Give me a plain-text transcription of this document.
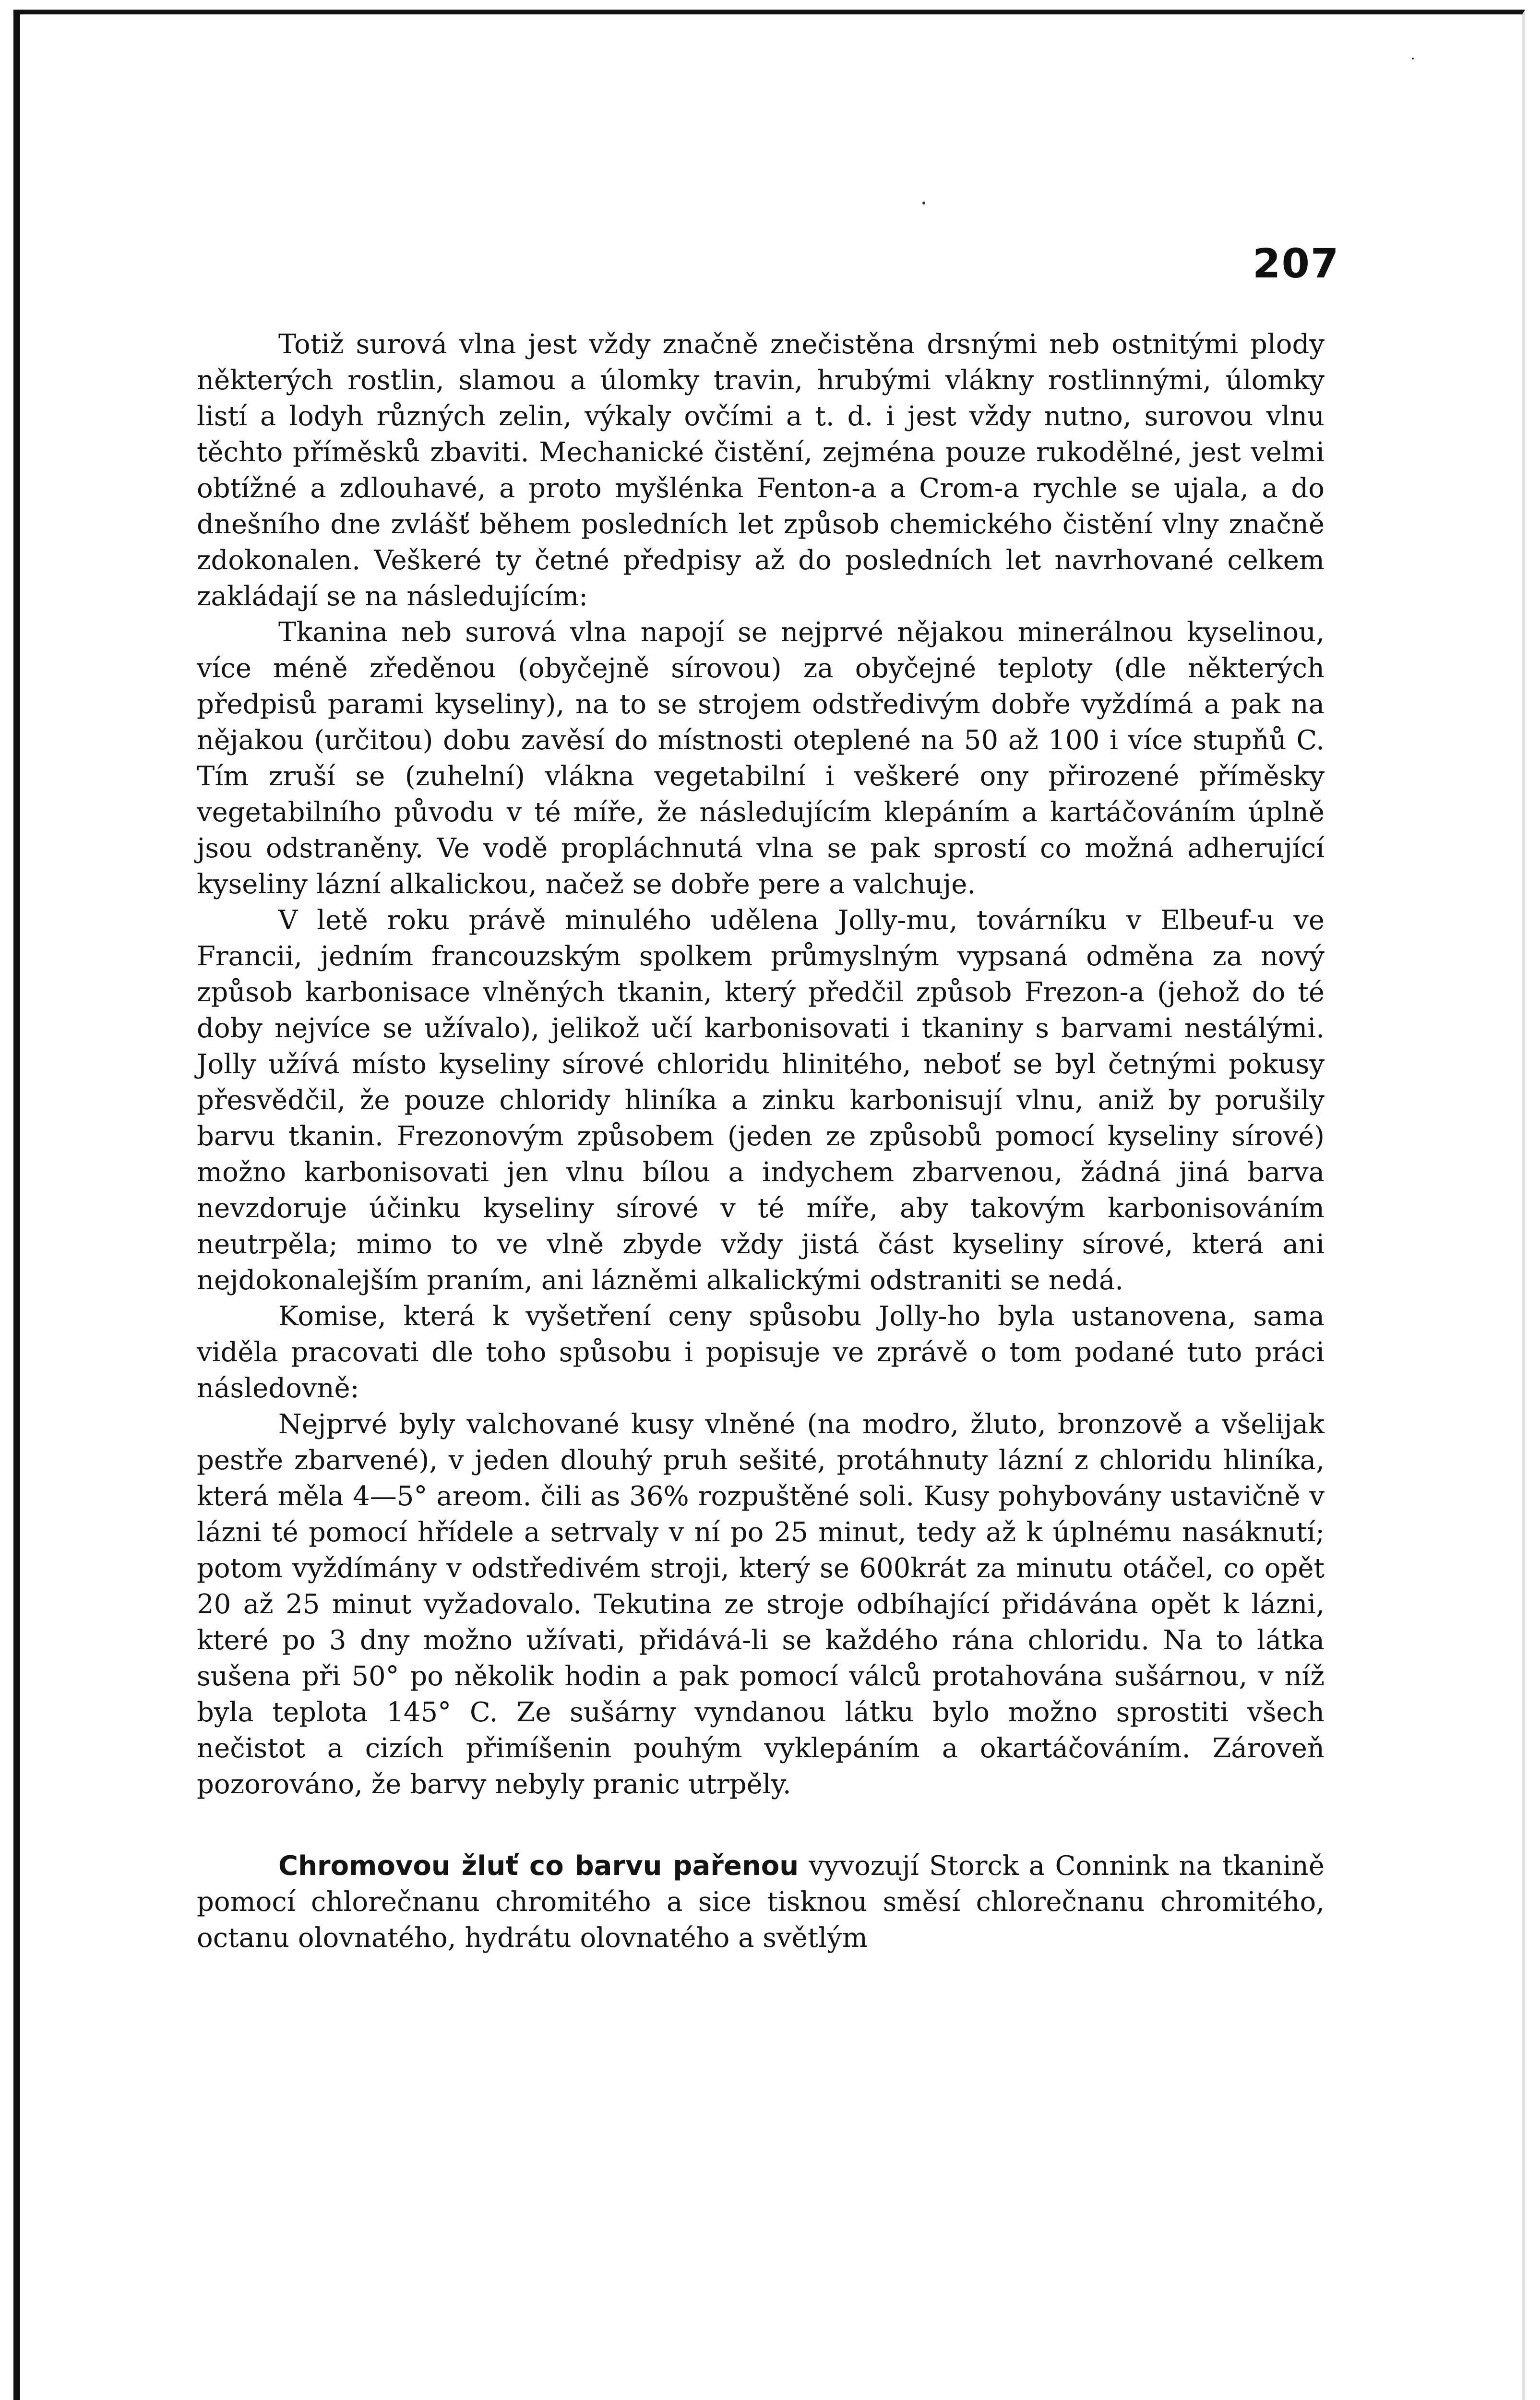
207

Totiž surová vlna jest vždy značně znečistěna drsnými neb ostnitými plody některých rostlin, slamou a úlomky travin, hrubými vlákny rostlinnými, úlomky listí a lodyh různých zelin, výkaly ovčími a t. d. i jest vždy nutno, surovou vlnu těchto příměsků zbaviti. Mechanické čistění, zejména pouze rukodělné, jest velmi obtížné a zdlouhavé, a proto myšlénka Fenton-a a Crom-a rychle se ujala, a do dnešního dne zvlášť během posledních let způsob chemického čistění vlny značně zdokonalen. Veškeré ty četné předpisy až do posledních let navrhované celkem zakládají se na následujícím:

Tkanina neb surová vlna napojí se nejprvé nějakou minerálnou kyselinou, více méně zředěnou (obyčejně sírovou) za obyčejné teploty (dle některých předpisů parami kyseliny), na to se strojem odstředivým dobře vyždímá a pak na nějakou (určitou) dobu zavěsí do místnosti oteplené na 50 až 100 i více stupňů C. Tím zruší se (zuhelní) vlákna vegetabilní i veškeré ony přirozené příměsky vegetabilního původu v té míře, že následujícím klepáním a kartáčováním úplně jsou odstraněny. Ve vodě propláchnutá vlna se pak sprostí co možná adherující kyseliny lázní alkalickou, načež se dobře pere a valchuje.

V letě roku právě minulého udělena Jolly-mu, továrníku v Elbeuf-u ve Francii, jedním francouzským spolkem průmyslným vypsaná odměna za nový způsob karbonisace vlněných tkanin, který předčil způsob Frezon-a (jehož do té doby nejvíce se užívalo), jelikož učí karbonisovati i tkaniny s barvami nestálými. Jolly užívá místo kyseliny sírové chloridu hlinitého, neboť se byl četnými pokusy přesvědčil, že pouze chloridy hliníka a zinku karbonisují vlnu, aniž by porušily barvu tkanin. Frezonovým způsobem (jeden ze způsobů pomocí kyseliny sírové) možno karbonisovati jen vlnu bílou a indychem zbarvenou, žádná jiná barva nevzdoruje účinku kyseliny sírové v té míře, aby takovým karbonisováním neutrpěla; mimo to ve vlně zbyde vždy jistá část kyseliny sírové, která ani nejdokonalejším praním, ani lázněmi alkalickými odstraniti se nedá.

Komise, která k vyšetření ceny spůsobu Jolly-ho byla ustanovena, sama viděla pracovati dle toho spůsobu i popisuje ve zprávě o tom podané tuto práci následovně:

Nejprvé byly valchované kusy vlněné (na modro, žluto, bronzově a všelijak pestře zbarvené), v jeden dlouhý pruh sešité, protáhnuty lázní z chloridu hliníka, která měla 4—5° areom. čili as 36% rozpuštěné soli. Kusy pohybovány ustavičně v lázni té pomocí hřídele a setrvaly v ní po 25 minut, tedy až k úplnému nasáknutí; potom vyždímány v odstředivém stroji, který se 600krát za minutu otáčel, co opět 20 až 25 minut vyžadovalo. Tekutina ze stroje odbíhající přidávána opět k lázni, které po 3 dny možno užívati, přidává-li se každého rána chloridu. Na to látka sušena při 50° po několik hodin a pak pomocí válců protahována sušárnou, v níž byla teplota 145° C. Ze sušárny vyndanou látku bylo možno sprostiti všech nečistot a cizích přimíšenin pouhým vyklepáním a okartáčováním. Zároveň pozorováno, že barvy nebyly pranic utrpěly.

Chromovou žluť co barvu pařenou vyvozují Storck a Connink na tkanině pomocí chlorečnanu chromitého a sice tisknou směsí chlorečnanu chromitého, octanu olovnatého, hydrátu olovnatého a světlým
